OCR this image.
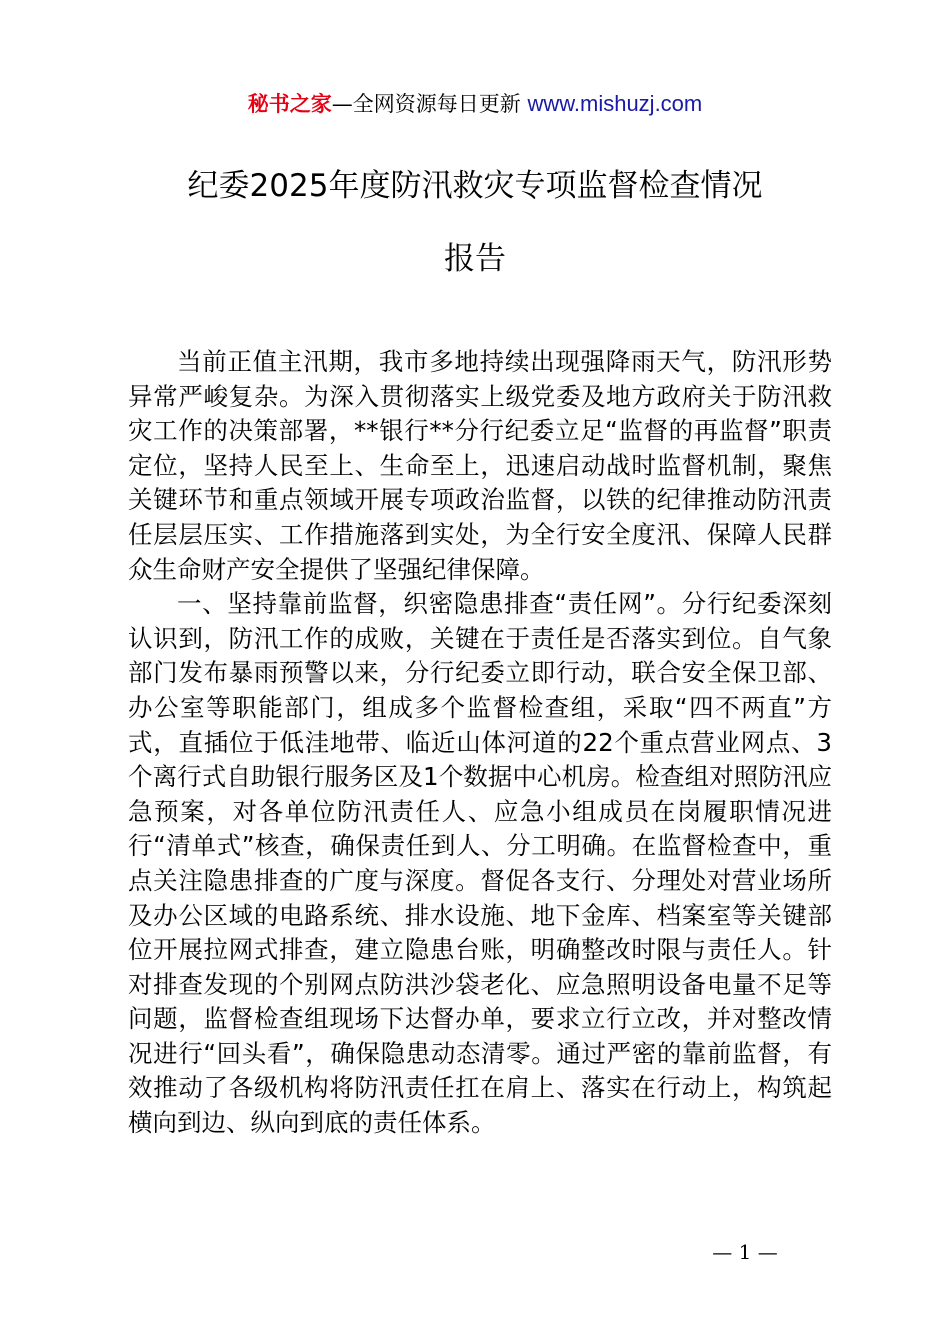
秘书之家—全网资源每日更新 www.mishuzj.com
纪委2025年度防汛救灾专项监督检查情况
报告

当前正值主汛期，我市多地持续出现强降雨天气，防汛形势异常严峻复杂。为深入贯彻落实上级党委及地方政府关于防汛救灾工作的决策部署，**银行**分行纪委立足“监督的再监督”职责定位，坚持人民至上、生命至上，迅速启动战时监督机制，聚焦关键环节和重点领域开展专项政治监督，以铁的纪律推动防汛责任层层压实、工作措施落到实处，为全行安全度汛、保障人民群众生命财产安全提供了坚强纪律保障。

一、坚持靠前监督，织密隐患排查“责任网”。分行纪委深刻认识到，防汛工作的成败，关键在于责任是否落实到位。自气象部门发布暴雨预警以来，分行纪委立即行动，联合安全保卫部、办公室等职能部门，组成多个监督检查组，采取“四不两直”方式，直插位于低洼地带、临近山体河道的22个重点营业网点、3个离行式自助银行服务区及1个数据中心机房。检查组对照防汛应急预案，对各单位防汛责任人、应急小组成员在岗履职情况进行“清单式”核查，确保责任到人、分工明确。在监督检查中，重点关注隐患排查的广度与深度。督促各支行、分理处对营业场所及办公区域的电路系统、排水设施、地下金库、档案室等关键部位开展拉网式排查，建立隐患台账，明确整改时限与责任人。针对排查发现的个别网点防洪沙袋老化、应急照明设备电量不足等问题，监督检查组现场下达督办单，要求立行立改，并对整改情况进行“回头看”，确保隐患动态清零。通过严密的靠前监督，有效推动了各级机构将防汛责任扛在肩上、落实在行动上，构筑起横向到边、纵向到底的责任体系。

— 1 —
